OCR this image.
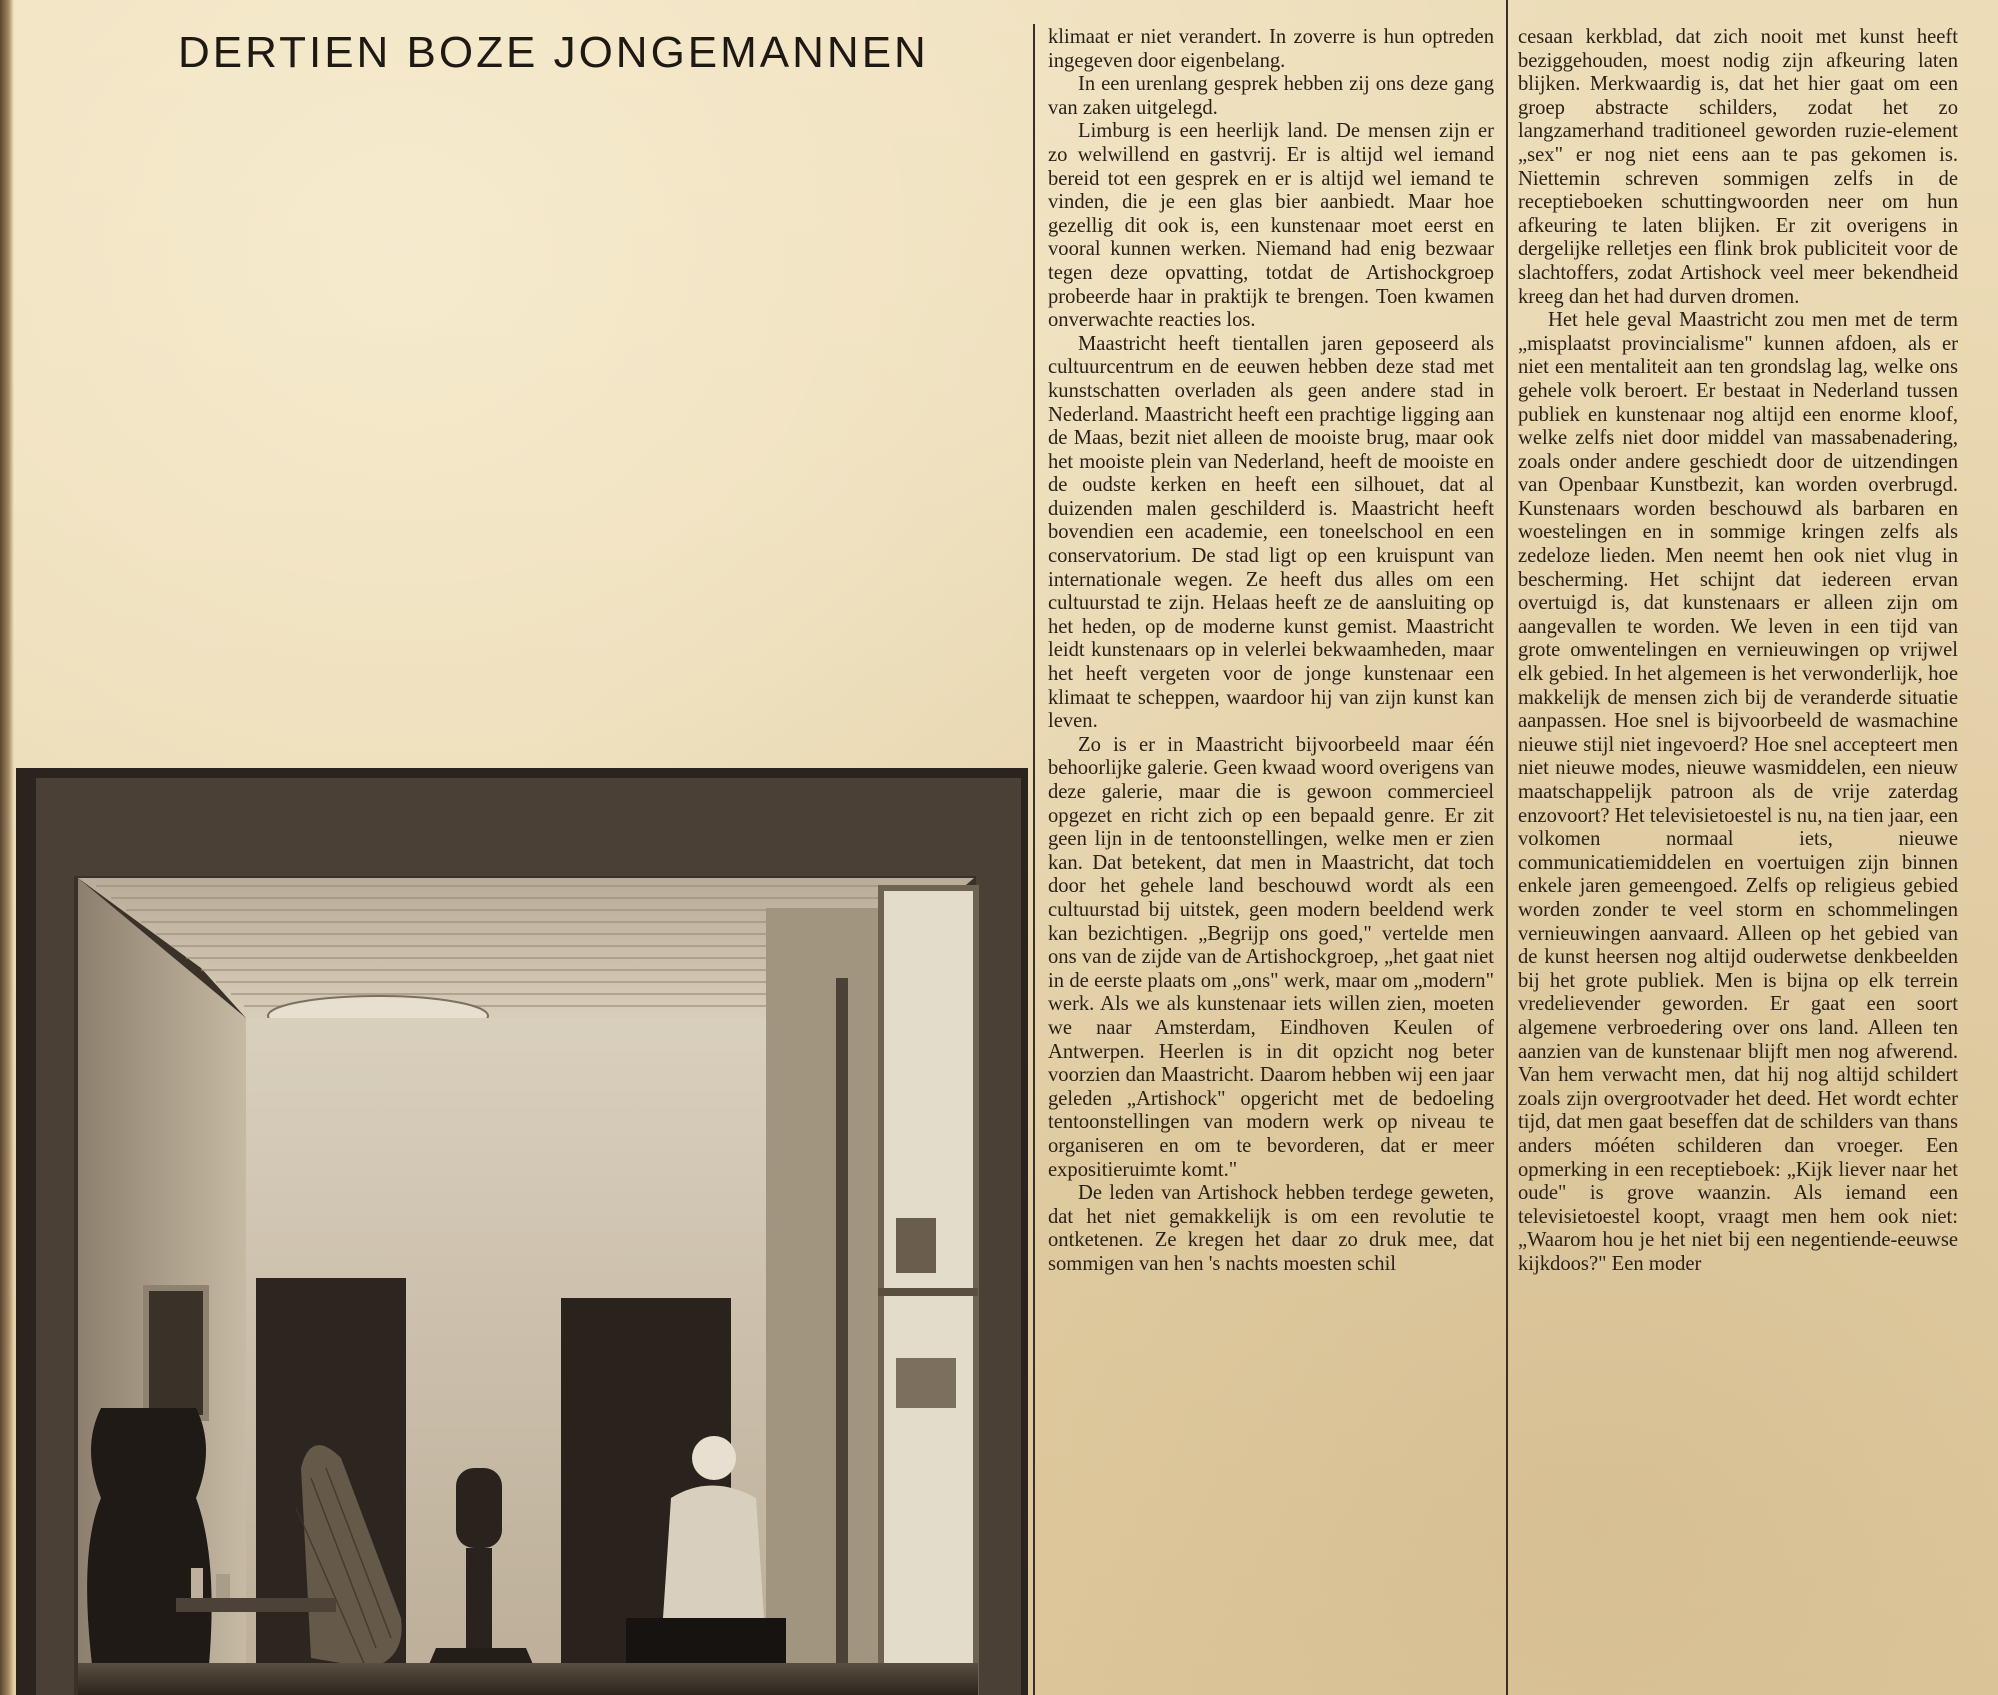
DERTIEN BOZE JONGEMANNEN	klimaat er niet verandert. In zoverre is hun optreden ingegeven door eigenbelang.

In een urenlang gesprek hebben zij ons deze gang van zaken uitgelegd.

Limburg is een heerlijk land. De mensen zijn er zo welwillend en gastvrij. Er is altijd wel iemand bereid tot een gesprek en er is altijd wel iemand te vinden, die je een glas bier aanbiedt. Maar hoe gezellig dit ook is, een kunstenaar moet eerst en vooral kunnen werken. Niemand had enig bezwaar tegen deze opvatting, totdat de Artishockgroep probeerde haar in praktijk te brengen. Toen kwamen onverwachte reacties los.

Maastricht heeft tientallen jaren geposeerd als cultuurcentrum en de eeuwen hebben deze stad met kunstschatten overladen als geen andere stad in Nederland. Maastricht heeft een prachtige ligging aan de Maas, bezit niet alleen de mooiste brug, maar ook het mooiste plein van Nederland, heeft de mooiste en de oudste kerken en heeft een silhouet, dat al duizenden malen geschilderd is. Maastricht heeft bovendien een academie, een toneelschool en een conservatorium. De stad ligt op een kruispunt van internationale wegen. Ze heeft dus alles om een cultuurstad te zijn. Helaas heeft ze de aansluiting op het heden, op de moderne kunst gemist. Maastricht leidt kunstenaars op in velerlei bekwaamheden, maar het heeft vergeten voor de jonge kunstenaar een klimaat te scheppen, waardoor hij van zijn kunst kan leven.

Zo is er in Maastricht bijvoorbeeld maar één behoorlijke galerie. Geen kwaad woord overigens van deze galerie, maar die is gewoon commercieel opgezet en richt zich op een bepaald genre. Er zit geen lijn in de tentoonstellingen, welke men er zien kan. Dat betekent, dat men in Maastricht, dat toch door het gehele land beschouwd wordt als een cultuurstad bij uitstek, geen modern beeldend werk kan bezichtigen. „Begrijp ons goed," vertelde men ons van de zijde van de Artishockgroep, „het gaat niet in de eerste plaats om „ons" werk, maar om „modern" werk. Als we als kunstenaar iets willen zien, moeten we naar Amsterdam, Eindhoven Keulen of Antwerpen. Heerlen is in dit opzicht nog beter voorzien dan Maastricht. Daarom hebben wij een jaar geleden „Artishock" opgericht met de bedoeling tentoonstellingen van modern werk op niveau te organiseren en om te bevorderen, dat er meer expositieruimte komt."

De leden van Artishock hebben terdege geweten, dat het niet gemakkelijk is om een revolutie te ontketenen. Ze kregen het daar zo druk mee, dat sommigen van hen 's nachts moesten schil

cesaan kerkblad, dat zich nooit met kunst heeft beziggehouden, moest nodig zijn afkeuring laten blijken. Merkwaardig is, dat het hier gaat om een groep abstracte schilders, zodat het zo langzamerhand traditioneel geworden ruzie-element „sex" er nog niet eens aan te pas gekomen is. Niettemin schreven sommigen zelfs in de receptieboeken schuttingwoorden neer om hun afkeuring te laten blijken. Er zit overigens in dergelijke relletjes een flink brok publiciteit voor de slachtoffers, zodat Artishock veel meer bekendheid kreeg dan het had durven dromen.

Het hele geval Maastricht zou men met de term „misplaatst provincialisme" kunnen afdoen, als er niet een mentaliteit aan ten grondslag lag, welke ons gehele volk beroert. Er bestaat in Nederland tussen publiek en kunstenaar nog altijd een enorme kloof, welke zelfs niet door middel van massabenadering, zoals onder andere geschiedt door de uitzendingen van Openbaar Kunstbezit, kan worden overbrugd. Kunstenaars worden beschouwd als barbaren en woestelingen en in sommige kringen zelfs als zedeloze lieden. Men neemt hen ook niet vlug in bescherming. Het schijnt dat iedereen ervan overtuigd is, dat kunstenaars er alleen zijn om aangevallen te worden. We leven in een tijd van grote omwentelingen en vernieuwingen op vrijwel elk gebied. In het algemeen is het verwonderlijk, hoe makkelijk de mensen zich bij de veranderde situatie aanpassen. Hoe snel is bijvoorbeeld de wasmachine nieuwe stijl niet ingevoerd? Hoe snel accepteert men niet nieuwe modes, nieuwe wasmiddelen, een nieuw maatschappelijk patroon als de vrije zaterdag enzovoort? Het televisietoestel is nu, na tien jaar, een volkomen normaal iets, nieuwe communicatiemiddelen en voertuigen zijn binnen enkele jaren gemeengoed. Zelfs op religieus gebied worden zonder te veel storm en schommelingen vernieuwingen aanvaard. Alleen op het gebied van de kunst heersen nog altijd ouderwetse denkbeelden bij het grote publiek. Men is bijna op elk terrein vredelievender geworden. Er gaat een soort algemene verbroedering over ons land. Alleen ten aanzien van de kunstenaar blijft men nog afwerend. Van hem verwacht men, dat hij nog altijd schildert zoals zijn overgrootvader het deed. Het wordt echter tijd, dat men gaat beseffen dat de schilders van thans anders móéten schilderen dan vroeger. Een opmerking in een receptieboek: „Kijk liever naar het oude" is grove waanzin. Als iemand een televisietoestel koopt, vraagt men hem ook niet: „Waarom hou je het niet bij een negentiende-eeuwse kijkdoos?" Een moder
